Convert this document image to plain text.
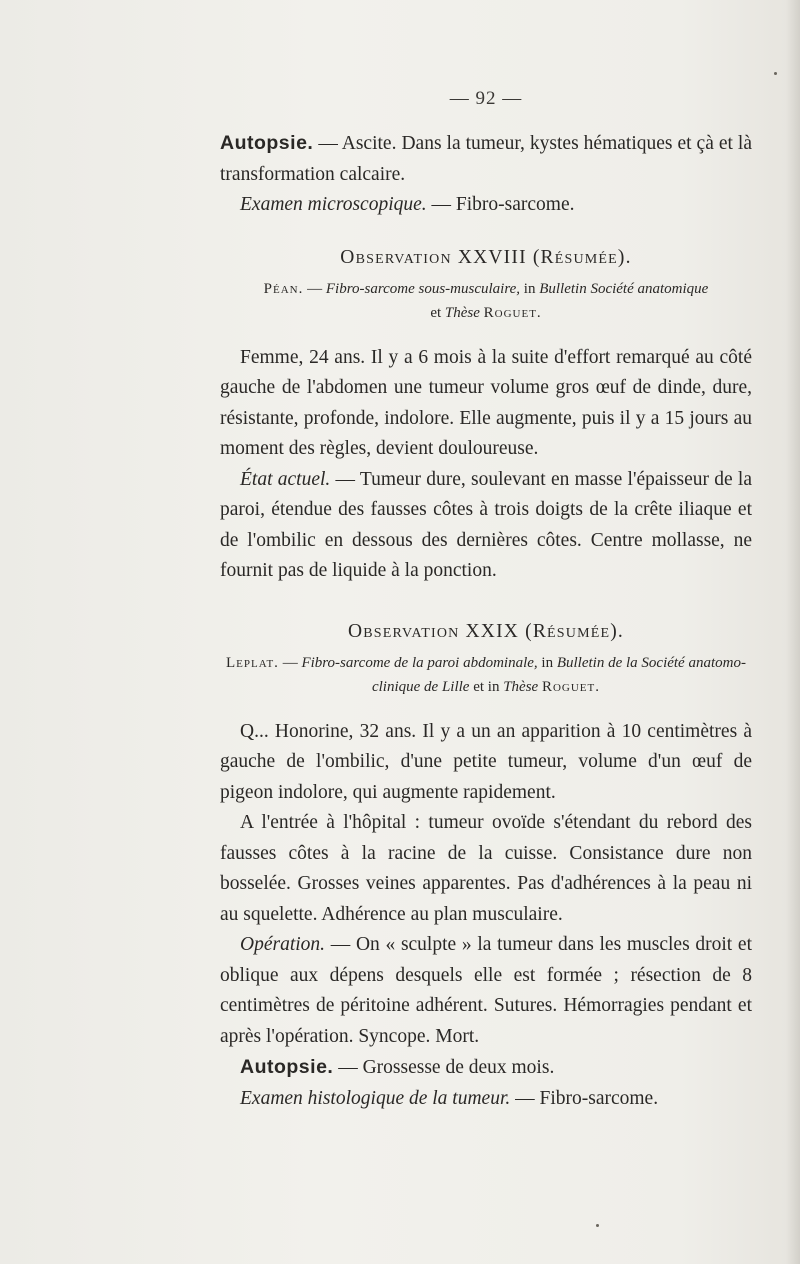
— 92 —

Autopsie. — Ascite. Dans la tumeur, kystes hématiques et çà et là transformation calcaire.

Examen microscopique. — Fibro-sarcome.

Observation XXVIII (Résumée).
Péan. — Fibro-sarcome sous-musculaire, in Bulletin Société anatomique
et Thèse Roguet.

Femme, 24 ans. Il y a 6 mois à la suite d'effort remarqué au côté gauche de l'abdomen une tumeur volume gros œuf de dinde, dure, résistante, profonde, indolore. Elle augmente, puis il y a 15 jours au moment des règles, devient douloureuse.

État actuel. — Tumeur dure, soulevant en masse l'épaisseur de la paroi, étendue des fausses côtes à trois doigts de la crête iliaque et de l'ombilic en dessous des dernières côtes. Centre mollasse, ne fournit pas de liquide à la ponction.

Observation XXIX (Résumée).
Leplat. — Fibro-sarcome de la paroi abdominale, in Bulletin de la Société anatomo-clinique de Lille et in Thèse Roguet.

Q... Honorine, 32 ans. Il y a un an apparition à 10 centimètres à gauche de l'ombilic, d'une petite tumeur, volume d'un œuf de pigeon indolore, qui augmente rapidement.

A l'entrée à l'hôpital : tumeur ovoïde s'étendant du rebord des fausses côtes à la racine de la cuisse. Consistance dure non bosselée. Grosses veines apparentes. Pas d'adhérences à la peau ni au squelette. Adhérence au plan musculaire.

Opération. — On « sculpte » la tumeur dans les muscles droit et oblique aux dépens desquels elle est formée ; résection de 8 centimètres de péritoine adhérent. Sutures. Hémorragies pendant et après l'opération. Syncope. Mort.

Autopsie. — Grossesse de deux mois.

Examen histologique de la tumeur. — Fibro-sarcome.
